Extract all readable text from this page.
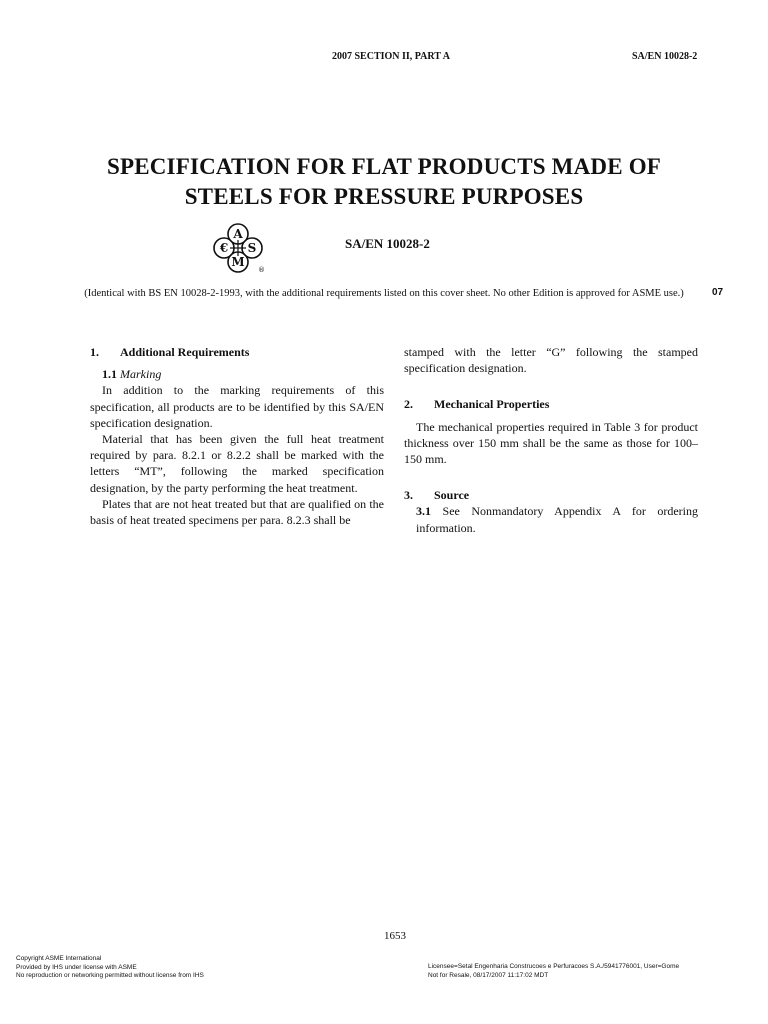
2007 SECTION II, PART A	SA/EN 10028-2
SPECIFICATION FOR FLAT PRODUCTS MADE OF
STEELS FOR PRESSURE PURPOSES
A
€ S
M
®
SA/EN 10028-2
(Identical with BS EN 10028-2-1993, with the additional requirements listed on this cover sheet. No other Edition is approved for ASME use.)	07

1. Additional Requirements

1.1 Marking

In addition to the marking requirements of this specification, all products are to be identified by this SA/EN specification designation.

Material that has been given the full heat treatment required by para. 8.2.1 or 8.2.2 shall be marked with the letters “MT”, following the marked specification designation, by the party performing the heat treatment.

Plates that are not heat treated but that are qualified on the basis of heat treated specimens per para. 8.2.3 shall be

stamped with the letter “G” following the stamped specification designation.

2. Mechanical Properties

The mechanical properties required in Table 3 for product thickness over 150 mm shall be the same as those for 100–150 mm.

3. Source

3.1 See Nonmandatory Appendix A for ordering information.

1653
Copyright ASME International
Provided by IHS under license with ASME
No reproduction or networking permitted without license from IHS
Licensee=Setal Engenharia Construcoes e Perfuracoes S.A./5941776001, User=Gome
Not for Resale, 08/17/2007 11:17:02 MDT
